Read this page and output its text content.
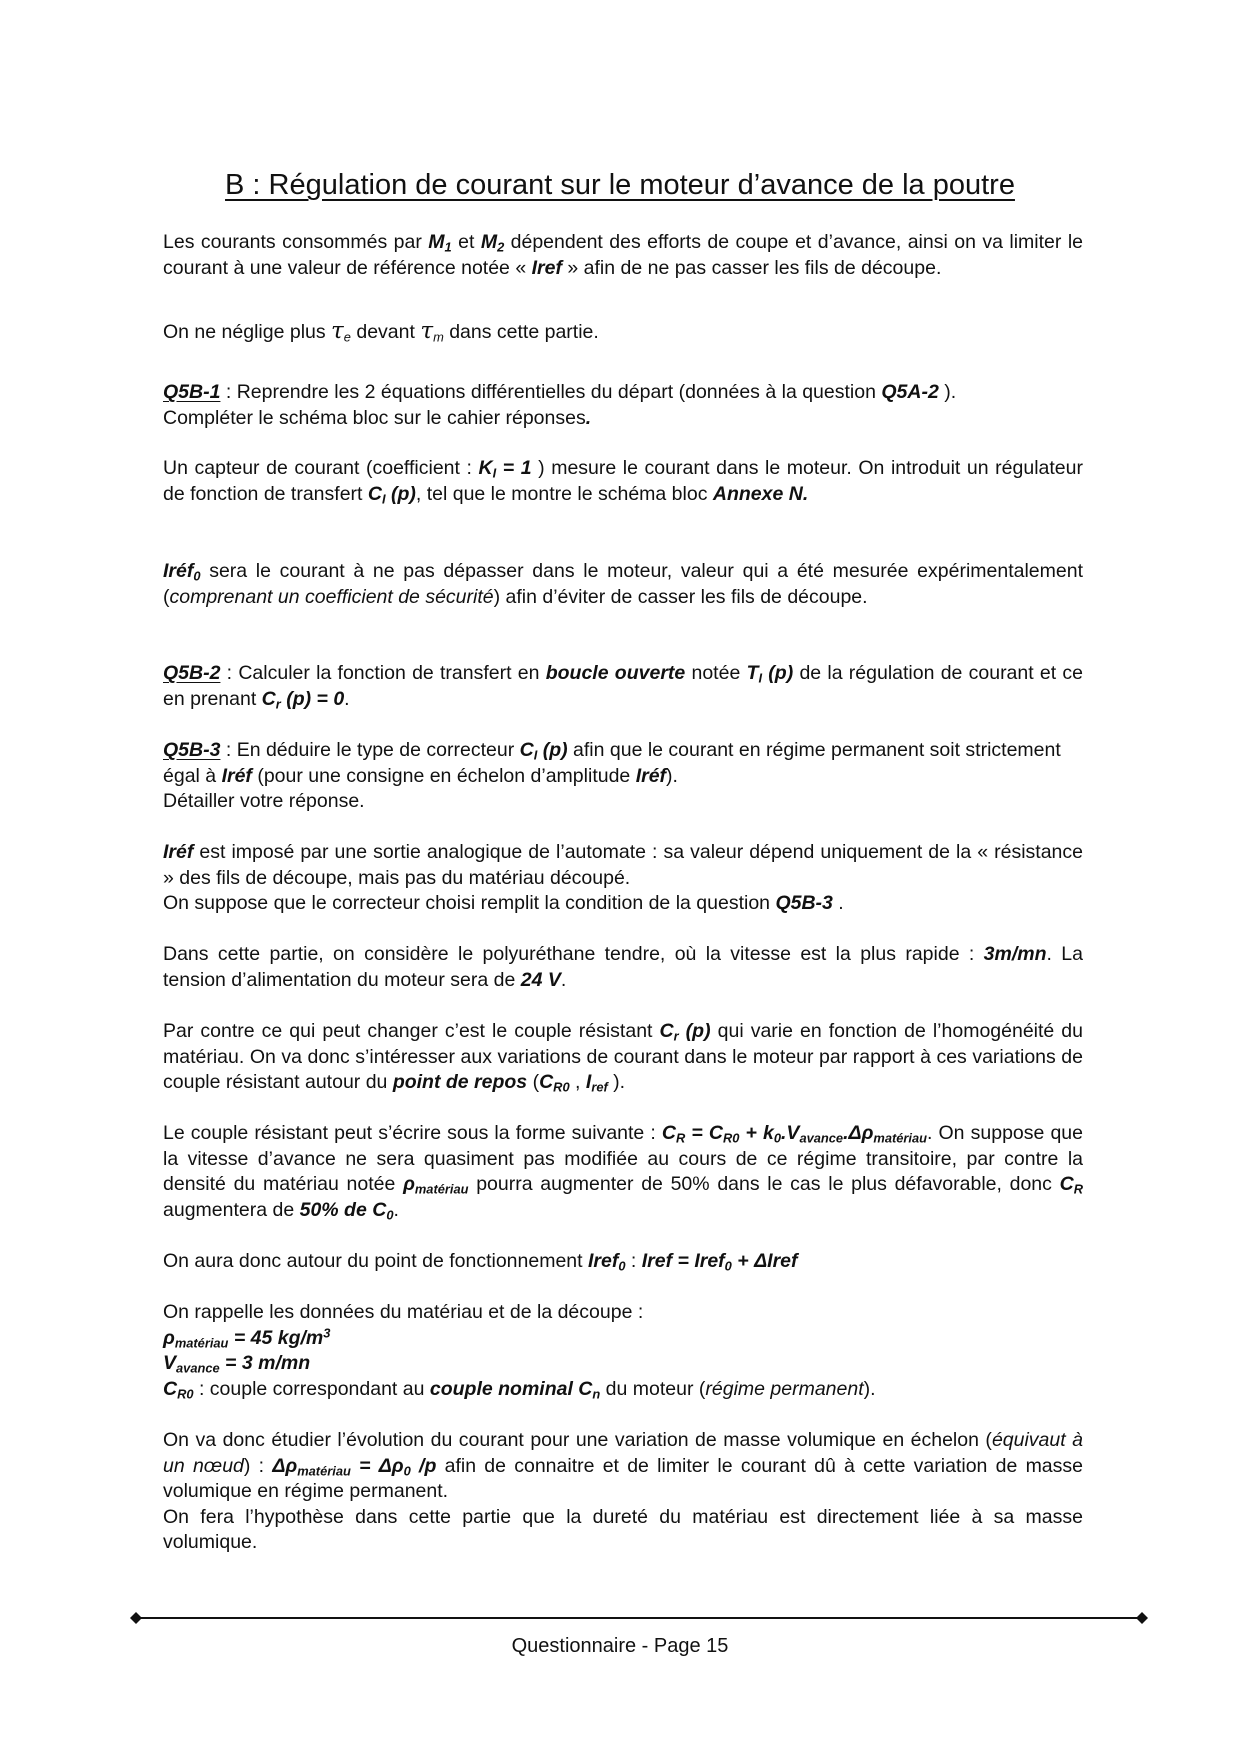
B : Régulation de courant sur le moteur d’avance de la poutre

Les courants consommés par $M_1$ et $M_2$ dépendent des efforts de coupe et d’avance, ainsi on va limiter le courant à une valeur de référence notée « Iref » afin de ne pas casser les fils de découpe.

On ne néglige plus $\tau_e$ devant $\tau_m$ dans cette partie.

Q5B-1 : Reprendre les 2 équations différentielles du départ (données à la question Q5A-2 ).
Compléter le schéma bloc sur le cahier réponses.

Un capteur de courant (coefficient : $K_I = 1$ ) mesure le courant dans le moteur. On introduit un régulateur de fonction de transfert $C_I$ (p), tel que le montre le schéma bloc Annexe N.

Iréf$_0$ sera le courant à ne pas dépasser dans le moteur, valeur qui a été mesurée expérimentalement (comprenant un coefficient de sécurité) afin d’éviter de casser les fils de découpe.

Q5B-2 : Calculer la fonction de transfert en boucle ouverte notée $T_I$ (p) de la régulation de courant et ce en prenant $C_r$ (p) = 0.

Q5B-3 : En déduire le type de correcteur $C_I$ (p) afin que le courant en régime permanent soit strictement égal à Iréf (pour une consigne en échelon d’amplitude Iréf).
Détailler votre réponse.

Iréf est imposé par une sortie analogique de l’automate : sa valeur dépend uniquement de la « résistance » des fils de découpe, mais pas du matériau découpé.
On suppose que le correcteur choisi remplit la condition de la question Q5B-3 .

Dans cette partie, on considère le polyuréthane tendre, où la vitesse est la plus rapide : 3m/mn. La tension d’alimentation du moteur sera de 24 V.

Par contre ce qui peut changer c’est le couple résistant $C_r$ (p) qui varie en fonction de l’homogénéité du matériau. On va donc s’intéresser aux variations de courant dans le moteur par rapport à ces variations de couple résistant autour du point de repos ($C_{R0}$ , $I_{ref}$ ).

Le couple résistant peut s’écrire sous la forme suivante : $C_R = C_{R0} + k_0.V_{avance}.\Delta\rho_{matériau}$. On suppose que la vitesse d’avance ne sera quasiment pas modifiée au cours de ce régime transitoire, par contre la densité du matériau notée $\rho_{matériau}$ pourra augmenter de 50% dans le cas le plus défavorable, donc $C_R$ augmentera de 50% de $C_0$.

On aura donc autour du point de fonctionnement Iref$_0$ : Iref = Iref$_0$ + ΔIref

On rappelle les données du matériau et de la découpe :
$\rho_{matériau} = 45$ $kg/m^3$
$V_{avance} = 3$ m/mn
$C_{R0}$ : couple correspondant au couple nominal $C_n$ du moteur (régime permanent).

On va donc étudier l’évolution du courant pour une variation de masse volumique en échelon (équivaut à un nœud) : $\Delta\rho_{matériau} = \Delta\rho_0$ /p afin de connaitre et de limiter le courant dû à cette variation de masse volumique en régime permanent.
On fera l’hypothèse dans cette partie que la dureté du matériau est directement liée à sa masse volumique.

Questionnaire - Page 15
